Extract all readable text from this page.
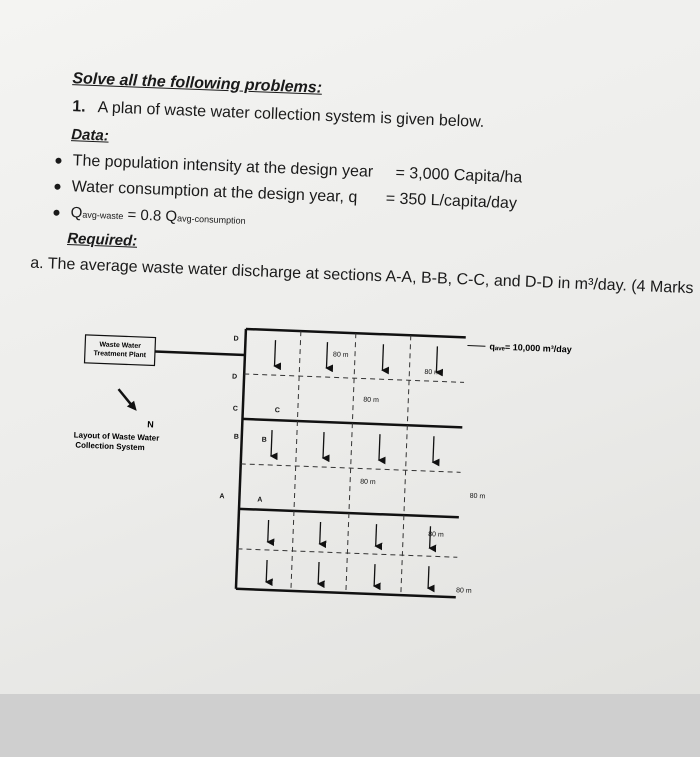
Solve all the following problems:
1. A plan of waste water collection system is given below.
Data:
● The population intensity at the design year = 3,000 Capita/ha
● Water consumption at the design year, q = 350 L/capita/day
● Qavg-waste = 0.8 Qavg-consumption
Required:
a. The average waste water discharge at sections A-A, B-B, C-C, and D-D in m³/day. (4 Marks
Waste Water
Treatment Plant
N
Layout of Waste Water
Collection System
qₐᵥₑ= 10,000 m³/day
80 m
80 m
80 m
80 m
80 m
80 m
80 m
D
D
C	C
B	B
A	A
